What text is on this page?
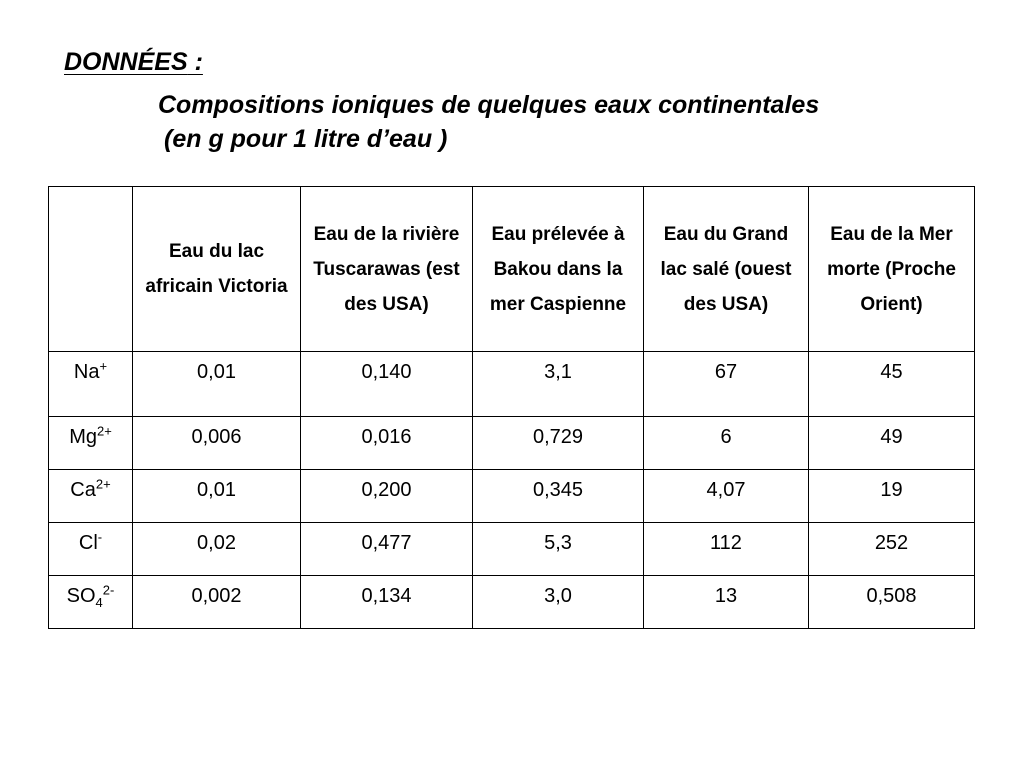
DONNÉES :
Compositions ioniques de quelques eaux continentales
(en g pour 1 litre d’eau )
	Eau du lac africain Victoria	Eau de la rivière Tuscarawas (est des USA)	Eau prélevée à Bakou dans la mer Caspienne	Eau du Grand lac salé (ouest des USA)	Eau de la Mer morte (Proche Orient)
Na+	0,01	0,140	3,1	67	45
$Mg^{2+}$	0,006	0,016	0,729	6	49
$Ca^{2+}$	0,01	0,200	0,345	4,07	19
Cl-	0,02	0,477	5,3	112	252
$SO_4^{2-}$	0,002	0,134	3,0	13	0,508
